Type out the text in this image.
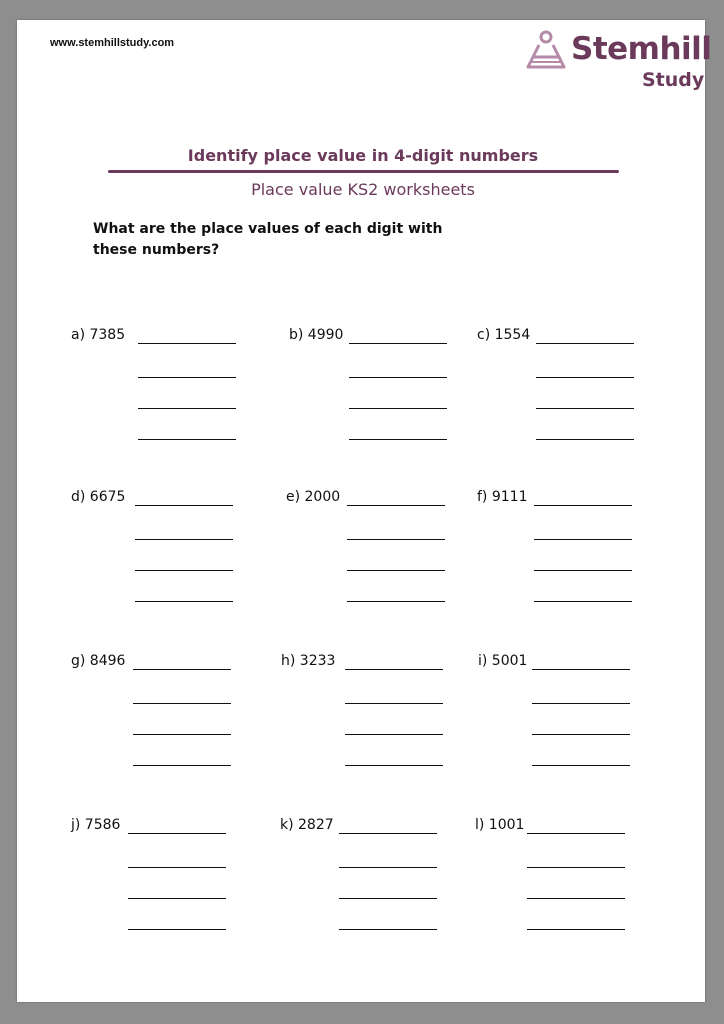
www.stemhillstudy.com	Stemhill
Study
Identify place value in 4-digit numbers
Place value KS2 worksheets
What are the place values of each digit with these numbers?
a) 7385	b) 4990	c) 1554
d) 6675	e) 2000	f) 9111
g) 8496	h) 3233	i) 5001
j) 7586	k) 2827	l) 1001
